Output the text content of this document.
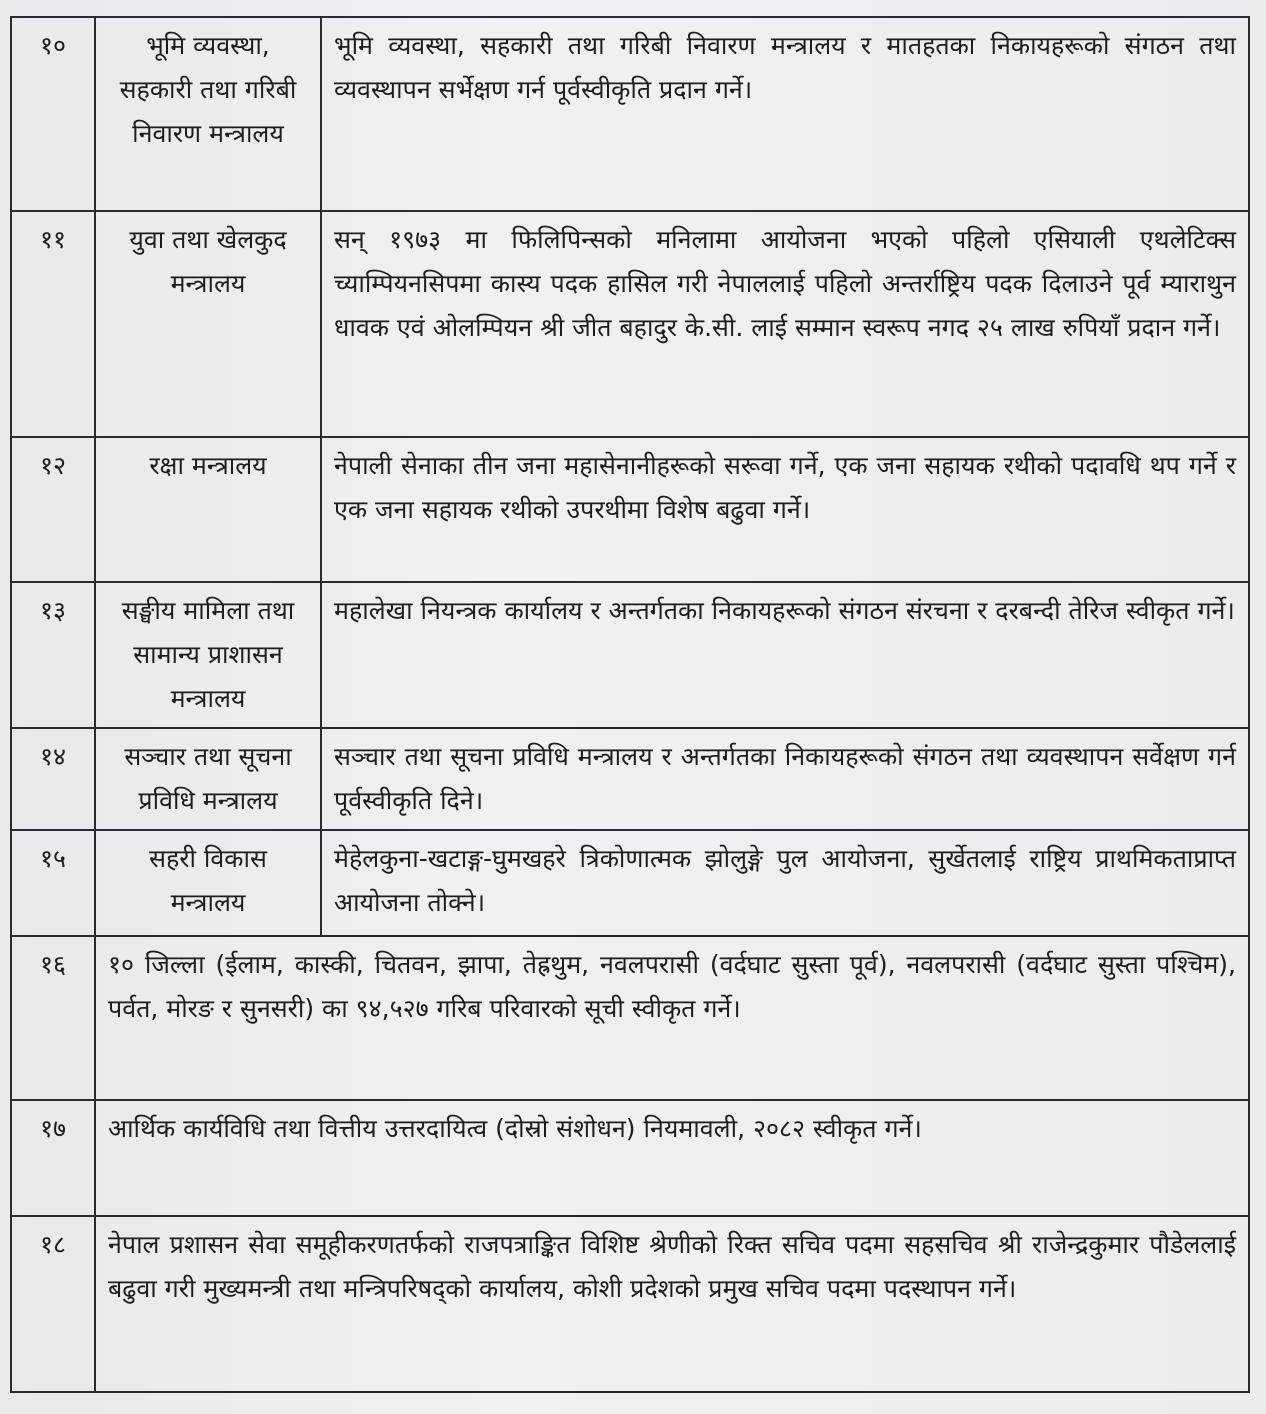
१०	भूमि व्यवस्था, सहकारी तथा गरिबी निवारण मन्त्रालय	भूमि व्यवस्था, सहकारी तथा गरिबी निवारण मन्त्रालय र मातहतका निकायहरूको संगठन तथा व्यवस्थापन सर्भेक्षण गर्न पूर्वस्वीकृति प्रदान गर्ने।
११	युवा तथा खेलकुद मन्त्रालय	सन् १९७३ मा फिलिपिन्सको मनिलामा आयोजना भएको पहिलो एसियाली एथलेटिक्स च्याम्पियनसिपमा कास्य पदक हासिल गरी नेपाललाई पहिलो अन्तर्राष्ट्रिय पदक दिलाउने पूर्व म्याराथुन धावक एवं ओलम्पियन श्री जीत बहादुर के.सी. लाई सम्मान स्वरूप नगद २५ लाख रुपियाँ प्रदान गर्ने।
१२	रक्षा मन्त्रालय	नेपाली सेनाका तीन जना महासेनानीहरूको सरूवा गर्ने, एक जना सहायक रथीको पदावधि थप गर्ने र एक जना सहायक रथीको उपरथीमा विशेष बढुवा गर्ने।
१३	सङ्घीय मामिला तथा सामान्य प्राशासन मन्त्रालय	महालेखा नियन्त्रक कार्यालय र अन्तर्गतका निकायहरूको संगठन संरचना र दरबन्दी तेरिज स्वीकृत गर्ने।
१४	सञ्चार तथा सूचना प्रविधि मन्त्रालय	सञ्चार तथा सूचना प्रविधि मन्त्रालय र अन्तर्गतका निकायहरूको संगठन तथा व्यवस्थापन सर्वेक्षण गर्न पूर्वस्वीकृति दिने।
१५	सहरी विकास मन्त्रालय	मेहेलकुना-खटाङ्ग-घुमखहरे त्रिकोणात्मक झोलुङ्गे पुल आयोजना, सुर्खेतलाई राष्ट्रिय प्राथमिकताप्राप्त आयोजना तोक्ने।
१६	१० जिल्ला (ईलाम, कास्की, चितवन, झापा, तेह्रथुम, नवलपरासी (वर्दघाट सुस्ता पूर्व), नवलपरासी (वर्दघाट सुस्ता पश्चिम), पर्वत, मोरङ र सुनसरी) का ९४,५२७ गरिब परिवारको सूची स्वीकृत गर्ने।	
१७	आर्थिक कार्यविधि तथा वित्तीय उत्तरदायित्व (दोस्रो संशोधन) नियमावली, २०८२ स्वीकृत गर्ने।	
१८	नेपाल प्रशासन सेवा समूहीकरणतर्फको राजपत्राङ्कित विशिष्ट श्रेणीको रिक्त सचिव पदमा सहसचिव श्री राजेन्द्रकुमार पौडेललाई बढुवा गरी मुख्यमन्त्री तथा मन्त्रिपरिषद्को कार्यालय, कोशी प्रदेशको प्रमुख सचिव पदमा पदस्थापन गर्ने।	
